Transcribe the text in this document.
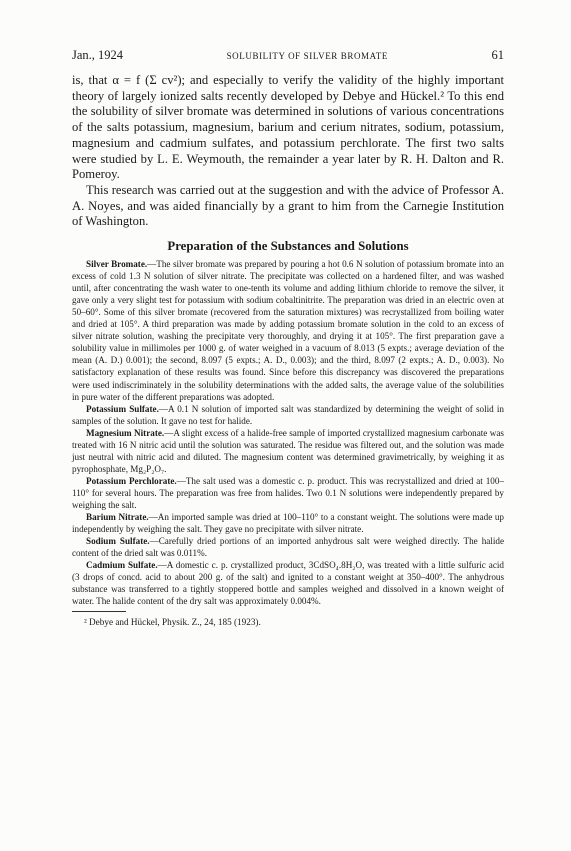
Jan., 1924	SOLUBILITY OF SILVER BROMATE	61

is, that α = f (Σ cv²); and especially to verify the validity of the highly important theory of largely ionized salts recently developed by Debye and Hückel.² To this end the solubility of silver bromate was determined in solutions of various concentrations of the salts potassium, magnesium, barium and cerium nitrates, sodium, potassium, magnesium and cadmium sulfates, and potassium perchlorate. The first two salts were studied by L. E. Weymouth, the remainder a year later by R. H. Dalton and R. Pomeroy.

This research was carried out at the suggestion and with the advice of Professor A. A. Noyes, and was aided financially by a grant to him from the Carnegie Institution of Washington.

Preparation of the Substances and Solutions

Silver Bromate.—The silver bromate was prepared by pouring a hot 0.6 N solution of potassium bromate into an excess of cold 1.3 N solution of silver nitrate. The precipitate was collected on a hardened filter, and was washed until, after concentrating the wash water to one-tenth its volume and adding lithium chloride to remove the silver, it gave only a very slight test for potassium with sodium cobaltinitrite. The preparation was dried in an electric oven at 50–60°. Some of this silver bromate (recovered from the saturation mixtures) was recrystallized from boiling water and dried at 105°. A third preparation was made by adding potassium bromate solution in the cold to an excess of silver nitrate solution, washing the precipitate very thoroughly, and drying it at 105°. The first preparation gave a solubility value in millimoles per 1000 g. of water weighed in a vacuum of 8.013 (5 expts.; average deviation of the mean (A. D.) 0.001); the second, 8.097 (5 expts.; A. D., 0.003); and the third, 8.097 (2 expts.; A. D., 0.003). No satisfactory explanation of these results was found. Since before this discrepancy was discovered the preparations were used indiscriminately in the solubility determinations with the added salts, the average value of the solubilities in pure water of the different preparations was adopted.

Potassium Sulfate.—A 0.1 N solution of imported salt was standardized by determining the weight of solid in samples of the solution. It gave no test for halide.

Magnesium Nitrate.—A slight excess of a halide-free sample of imported crystallized magnesium carbonate was treated with 16 N nitric acid until the solution was saturated. The residue was filtered out, and the solution was made just neutral with nitric acid and diluted. The magnesium content was determined gravimetrically, by weighing it as pyrophosphate, Mg₂P₂O₇.

Potassium Perchlorate.—The salt used was a domestic c. p. product. This was recrystallized and dried at 100–110° for several hours. The preparation was free from halides. Two 0.1 N solutions were independently prepared by weighing the salt.

Barium Nitrate.—An imported sample was dried at 100–110° to a constant weight. The solutions were made up independently by weighing the salt. They gave no precipitate with silver nitrate.

Sodium Sulfate.—Carefully dried portions of an imported anhydrous salt were weighed directly. The halide content of the dried salt was 0.011%.

Cadmium Sulfate.—A domestic c. p. crystallized product, 3CdSO₄.8H₂O, was treated with a little sulfuric acid (3 drops of concd. acid to about 200 g. of the salt) and ignited to a constant weight at 350–400°. The anhydrous substance was transferred to a tightly stoppered bottle and samples weighed and dissolved in a known weight of water. The halide content of the dry salt was approximately 0.004%.

² Debye and Hückel, Physik. Z., 24, 185 (1923).
